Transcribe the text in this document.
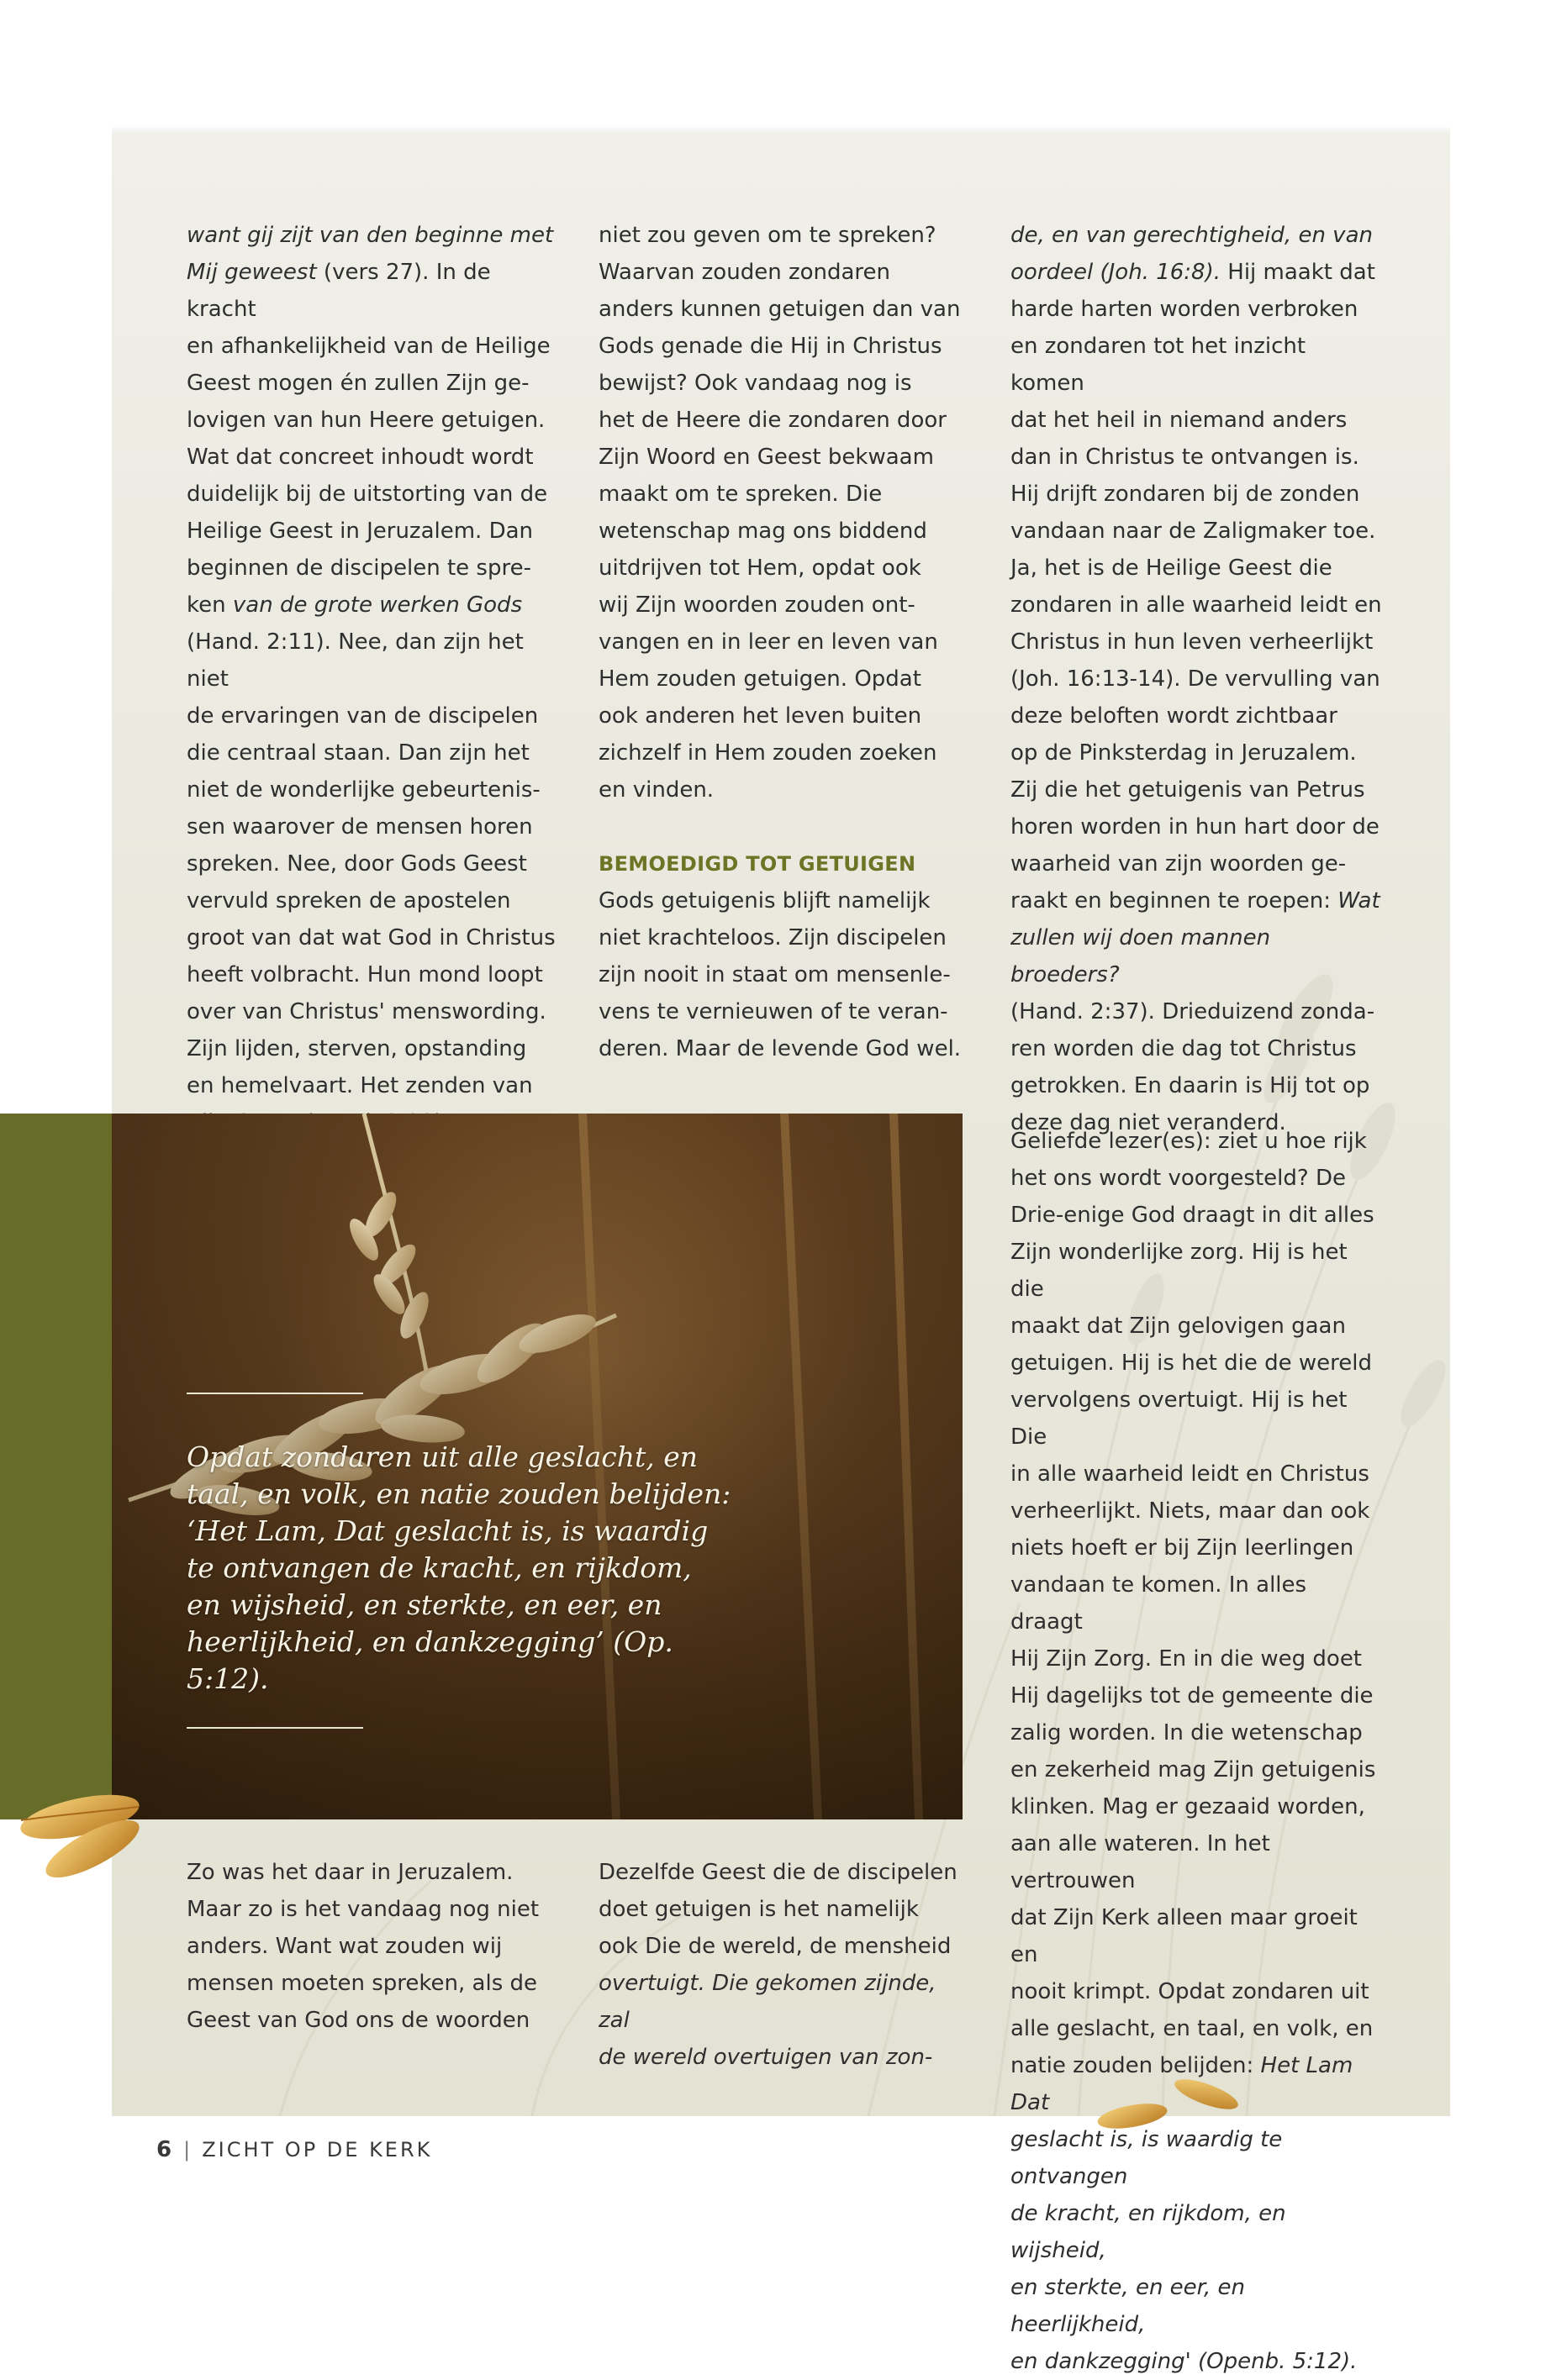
want gij zijt van den beginne met

Mij geweest (vers 27). In de kracht

en afhankelijkheid van de Heilige

Geest mogen én zullen Zijn ge-

lovigen van hun Heere getuigen.

Wat dat concreet inhoudt wordt

duidelijk bij de uitstorting van de

Heilige Geest in Jeruzalem. Dan

beginnen de discipelen te spre-

ken van de grote werken Gods

(Hand. 2:11). Nee, dan zijn het niet

de ervaringen van de discipelen

die centraal staan. Dan zijn het

niet de wonderlijke gebeurtenis-

sen waarover de mensen horen

spreken. Nee, door Gods Geest

vervuld spreken de apostelen

groot van dat wat God in Christus

heeft volbracht. Hun mond loopt

over van Christus' menswording.

Zijn lijden, sterven, opstanding

en hemelvaart. Het zenden van

niet zou geven om te spreken?

Waarvan zouden zondaren

anders kunnen getuigen dan van

Gods genade die Hij in Christus

bewijst? Ook vandaag nog is

het de Heere die zondaren door

Zijn Woord en Geest bekwaam

maakt om te spreken. Die

wetenschap mag ons biddend

uitdrijven tot Hem, opdat ook

wij Zijn woorden zouden ont-

vangen en in leer en leven van

Hem zouden getuigen. Opdat

ook anderen het leven buiten

zichzelf in Hem zouden zoeken

en vinden.

BEMOEDIGD TOT GETUIGEN

Gods getuigenis blijft namelijk

niet krachteloos. Zijn discipelen

zijn nooit in staat om mensenle-

vens te vernieuwen of te veran-

deren. Maar de levende God wel.

de, en van gerechtigheid, en van

oordeel (Joh. 16:8). Hij maakt dat

harde harten worden verbroken

en zondaren tot het inzicht komen

dat het heil in niemand anders

dan in Christus te ontvangen is.

Hij drijft zondaren bij de zonden

vandaan naar de Zaligmaker toe.

Ja, het is de Heilige Geest die

zondaren in alle waarheid leidt en

Christus in hun leven verheerlijkt

(Joh. 16:13-14). De vervulling van

deze beloften wordt zichtbaar

op de Pinksterdag in Jeruzalem.

Zij die het getuigenis van Petrus

horen worden in hun hart door de

waarheid van zijn woorden ge-

raakt en beginnen te roepen: Wat

zullen wij doen mannen broeders?

(Hand. 2:37). Drieduizend zonda-

ren worden die dag tot Christus

getrokken. En daarin is Hij tot op

deze dag niet veranderd.

Opdat zondaren uit alle geslacht, en
taal, en volk, en natie zouden belijden:
‘Het Lam, Dat geslacht is, is waardig
te ontvangen de kracht, en rijkdom,
en wijsheid, en sterkte, en eer, en
heerlijkheid, en dankzegging’ (Op. 5:12).

Zo was het daar in Jeruzalem.

Maar zo is het vandaag nog niet

anders. Want wat zouden wij

mensen moeten spreken, als de

Geest van God ons de woorden

Dezelfde Geest die de discipelen

doet getuigen is het namelijk

ook Die de wereld, de mensheid

overtuigt. Die gekomen zijnde, zal

de wereld overtuigen van zon-

Geliefde lezer(es): ziet u hoe rijk

het ons wordt voorgesteld? De

Drie-enige God draagt in dit alles

Zijn wonderlijke zorg. Hij is het die

maakt dat Zijn gelovigen gaan

getuigen. Hij is het die de wereld

vervolgens overtuigt. Hij is het Die

in alle waarheid leidt en Christus

verheerlijkt. Niets, maar dan ook

niets hoeft er bij Zijn leerlingen

vandaan te komen. In alles draagt

Hij Zijn Zorg. En in die weg doet

Hij dagelijks tot de gemeente die

zalig worden. In die wetenschap

en zekerheid mag Zijn getuigenis

klinken. Mag er gezaaid worden,

aan alle wateren. In het vertrouwen

dat Zijn Kerk alleen maar groeit en

nooit krimpt. Opdat zondaren uit

alle geslacht, en taal, en volk, en

natie zouden belijden: Het Lam Dat

geslacht is, is waardig te ontvangen

de kracht, en rijkdom, en wijsheid,

en sterkte, en eer, en heerlijkheid,

en dankzegging' (Openb. 5:12).

6 | ZICHT OP DE KERK
